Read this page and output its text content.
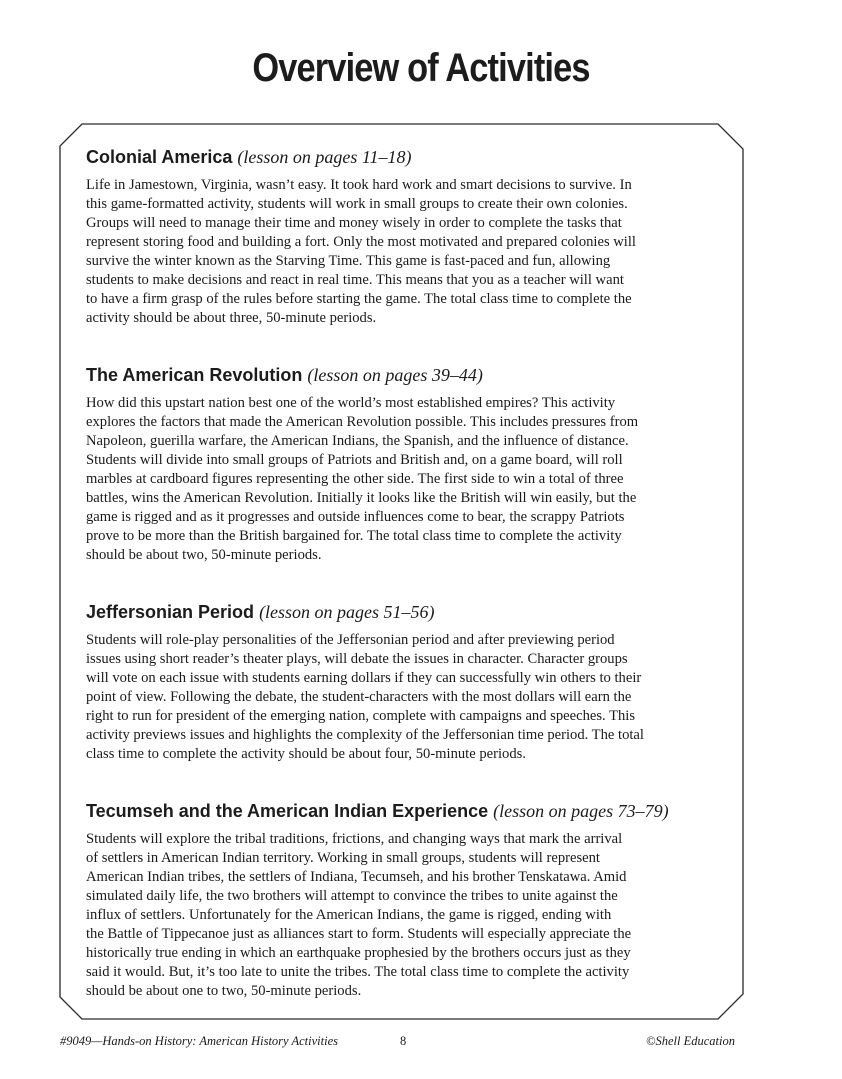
Overview of Activities
Colonial America (lesson on pages 11–18)

Life in Jamestown, Virginia, wasn’t easy. It took hard work and smart decisions to survive. In
this game-formatted activity, students will work in small groups to create their own colonies.
Groups will need to manage their time and money wisely in order to complete the tasks that
represent storing food and building a fort. Only the most motivated and prepared colonies will
survive the winter known as the Starving Time. This game is fast-paced and fun, allowing
students to make decisions and react in real time. This means that you as a teacher will want
to have a firm grasp of the rules before starting the game. The total class time to complete the
activity should be about three, 50-minute periods.

The American Revolution (lesson on pages 39–44)

How did this upstart nation best one of the world’s most established empires? This activity
explores the factors that made the American Revolution possible. This includes pressures from
Napoleon, guerilla warfare, the American Indians, the Spanish, and the influence of distance.
Students will divide into small groups of Patriots and British and, on a game board, will roll
marbles at cardboard figures representing the other side. The first side to win a total of three
battles, wins the American Revolution. Initially it looks like the British will win easily, but the
game is rigged and as it progresses and outside influences come to bear, the scrappy Patriots
prove to be more than the British bargained for. The total class time to complete the activity
should be about two, 50-minute periods.

Jeffersonian Period (lesson on pages 51–56)

Students will role-play personalities of the Jeffersonian period and after previewing period
issues using short reader’s theater plays, will debate the issues in character. Character groups
will vote on each issue with students earning dollars if they can successfully win others to their
point of view. Following the debate, the student-characters with the most dollars will earn the
right to run for president of the emerging nation, complete with campaigns and speeches. This
activity previews issues and highlights the complexity of the Jeffersonian time period. The total
class time to complete the activity should be about four, 50-minute periods.

Tecumseh and the American Indian Experience (lesson on pages 73–79)

Students will explore the tribal traditions, frictions, and changing ways that mark the arrival
of settlers in American Indian territory. Working in small groups, students will represent
American Indian tribes, the settlers of Indiana, Tecumseh, and his brother Tenskatawa. Amid
simulated daily life, the two brothers will attempt to convince the tribes to unite against the
influx of settlers. Unfortunately for the American Indians, the game is rigged, ending with
the Battle of Tippecanoe just as alliances start to form. Students will especially appreciate the
historically true ending in which an earthquake prophesied by the brothers occurs just as they
said it would. But, it’s too late to unite the tribes. The total class time to complete the activity
should be about one to two, 50-minute periods.

#9049—Hands-on History: American History Activities	8	©Shell Education
